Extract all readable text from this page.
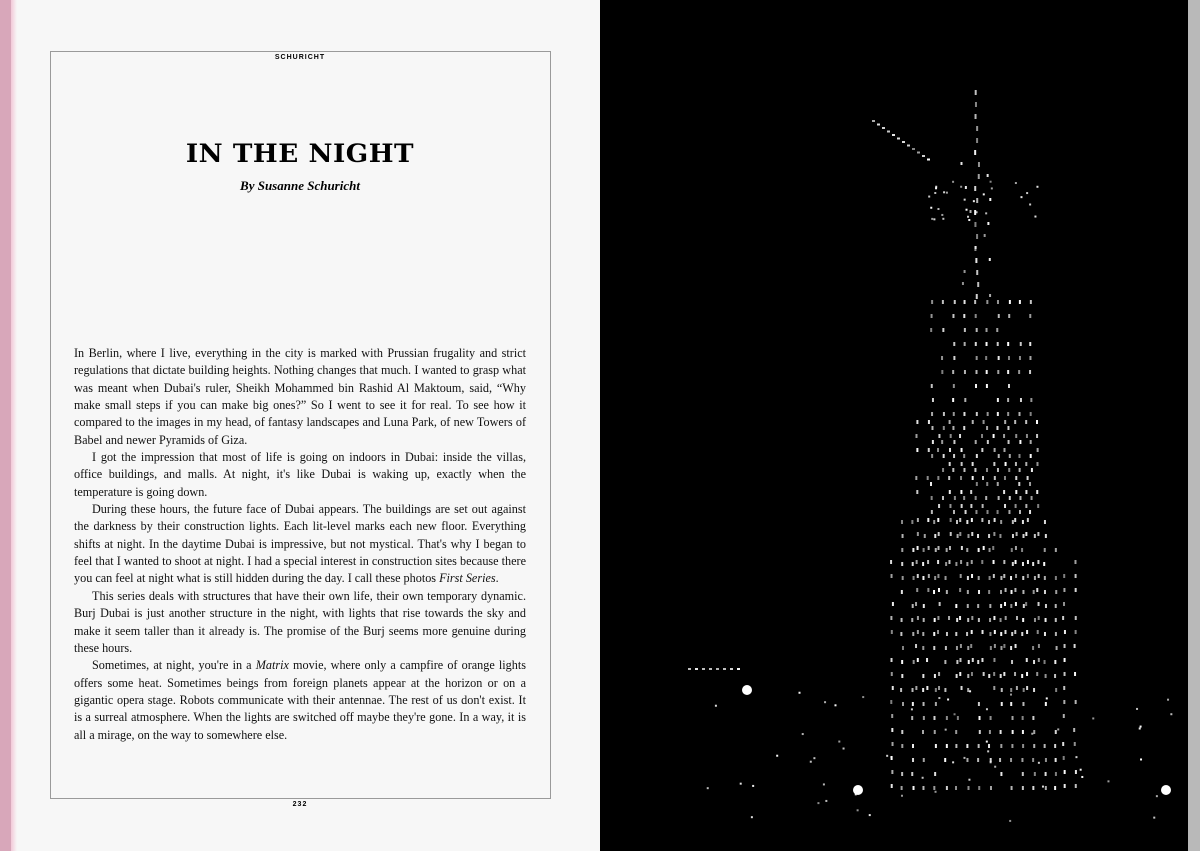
SCHURICHT
IN THE NIGHT
By Susanne Schuricht

In Berlin, where I live, everything in the city is marked with Prussian frugality and strict regulations that dictate building heights. Nothing changes that much. I wanted to grasp what was meant when Dubai's ruler, Sheikh Mohammed bin Rashid Al Maktoum, said, “Why make small steps if you can make big ones?” So I went to see it for real. To see how it compared to the images in my head, of fantasy landscapes and Luna Park, of new Towers of Babel and newer Pyramids of Giza.

I got the impression that most of life is going on indoors in Dubai: inside the villas, office buildings, and malls. At night, it's like Dubai is waking up, exactly when the temperature is going down.

During these hours, the future face of Dubai appears. The buildings are set out against the darkness by their construction lights. Each lit-level marks each new floor. Everything shifts at night. In the daytime Dubai is impressive, but not mystical. That's why I began to feel that I wanted to shoot at night. I had a special interest in construction sites because there you can feel at night what is still hidden during the day. I call these photos First Series.

This series deals with structures that have their own life, their own temporary dynamic. Burj Dubai is just another structure in the night, with lights that rise towards the sky and make it seem taller than it already is. The promise of the Burj seems more genuine during these hours.

Sometimes, at night, you're in a Matrix movie, where only a campfire of orange lights offers some heat. Sometimes beings from foreign planets appear at the horizon or on a gigantic opera stage. Robots communicate with their antennae. The rest of us don't exist. It is a surreal atmosphere. When the lights are switched off maybe they're gone. In a way, it is all a mirage, on the way to somewhere else.

232
